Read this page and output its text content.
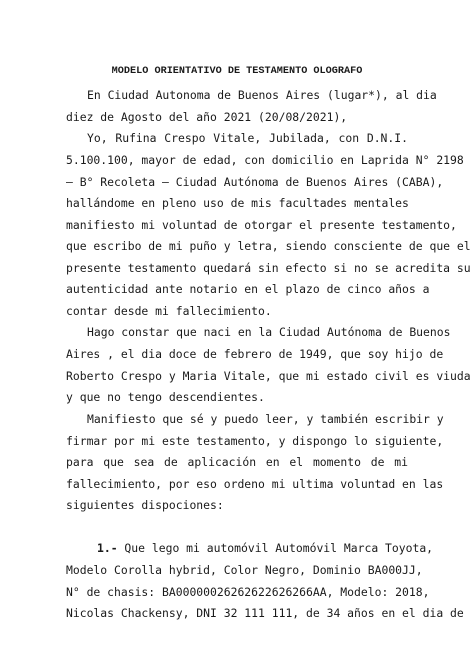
MODELO ORIENTATIVO DE TESTAMENTO OLOGRAFO
En Ciudad Autonoma de Buenos Aires (lugar*), al dia
diez de Agosto del año 2021 (20/08/2021),
Yo, Rufina Crespo Vitale, Jubilada, con D.N.I.
5.100.100, mayor de edad, con domicilio en Laprida N° 2198
– B° Recoleta – Ciudad Autónoma de Buenos Aires (CABA),
hallándome en pleno uso de mis facultades mentales
manifiesto mi voluntad de otorgar el presente testamento,
que escribo de mi puño y letra, siendo consciente de que el
presente testamento quedará sin efecto si no se acredita su
autenticidad ante notario en el plazo de cinco años a
contar desde mi fallecimiento.
Hago constar que naci en la Ciudad Autónoma de Buenos
Aires , el dia doce de febrero de 1949, que soy hijo de
Roberto Crespo y Maria Vitale, que mi estado civil es viuda
y que no tengo descendientes.
Manifiesto que sé y puedo leer, y también escribir y
firmar por mi este testamento, y dispongo lo siguiente,
para que sea de aplicación en el momento de mi
fallecimiento, por eso ordeno mi ultima voluntad en las
siguientes dispociones:
1.- Que lego mi automóvil Automóvil Marca Toyota,
Modelo Corolla hybrid, Color Negro, Dominio BA000JJ,
N° de chasis: BA00000026262622626266AA, Modelo: 2018,
Nicolas Chackensy, DNI 32 111 111, de 34 años en el dia de
